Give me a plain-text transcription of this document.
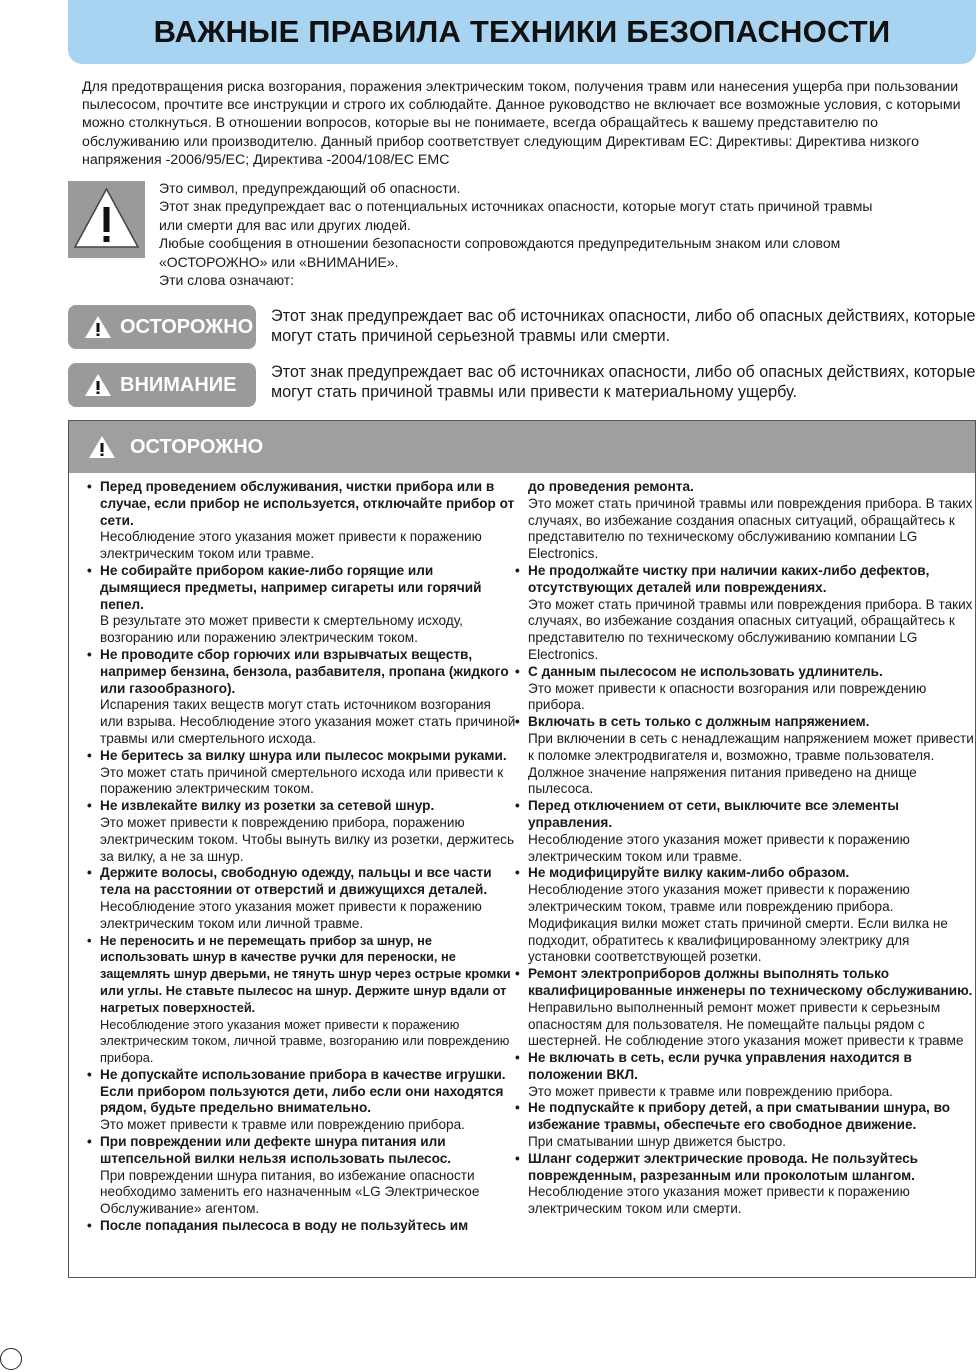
ВАЖНЫЕ ПРАВИЛА ТЕХНИКИ БЕЗОПАСНОСТИ

Для предотвращения риска возгорания, поражения электрическим током, получения травм или нанесения ущерба при пользовании пылесосом, прочтите все инструкции и строго их соблюдайте. Данное руководство не включает все возможные условия, с которыми можно столкнуться. В отношении вопросов, которые вы не понимаете, всегда обращайтесь к вашему представителю по обслуживанию или производителю. Данный прибор соответствует следующим Директивам ЕС: Директивы: Директива низкого напряжения -2006/95/EC; Директива -2004/108/EC EMC

Это символ, предупреждающий об опасности.
Этот знак предупреждает вас о потенциальных источниках опасности, которые могут стать причиной травмы
или смерти для вас или других людей.
Любые сообщения в отношении безопасности сопровождаются предупредительным знаком или словом
«ОСТОРОЖНО» или «ВНИМАНИЕ».
Эти слова означают:
ОСТОРОЖНО Этот знак предупреждает вас об источниках опасности, либо об опасных действиях, которые могут стать причиной серьезной травмы или смерти.
ВНИМАНИЕ
Этот знак предупреждает вас об источниках опасности, либо об опасных действиях, которые могут стать причиной травмы или привести к материальному ущербу.
ОСТОРОЖНО
• Перед проведением обслуживания, чистки прибора или в случае, если прибор не используется, отключайте прибор от сети.
Несоблюдение этого указания может привести к поражению электрическим током или травме.
• Не собирайте прибором какие-либо горящие или дымящиеся предметы, например сигареты или горячий пепел.
В результате это может привести к смертельному исходу, возгоранию или поражению электрическим током.
• Не проводите сбор горючих или взрывчатых веществ, например бензина, бензола, разбавителя, пропана (жидкого или газообразного).
Испарения таких веществ могут стать источником возгорания или взрыва. Несоблюдение этого указания может стать причиной травмы или смертельного исхода.
• Не беритесь за вилку шнура или пылесос мокрыми руками.
Это может стать причиной смертельного исхода или привести к поражению электрическим током.
• Не извлекайте вилку из розетки за сетевой шнур.
Это может привести к повреждению прибора, поражению электрическим током. Чтобы вынуть вилку из розетки, держитесь за вилку, а не за шнур.
• Держите волосы, свободную одежду, пальцы и все части тела на расстоянии от отверстий и движущихся деталей.
Несоблюдение этого указания может привести к поражению электрическим током или личной травме.
• Не переносить и не перемещать прибор за шнур, не использовать шнур в качестве ручки для переноски, не защемлять шнур дверьми, не тянуть шнур через острые кромки или углы. Не ставьте пылесос на шнур. Держите шнур вдали от нагретых поверхностей.
Несоблюдение этого указания может привести к поражению электрическим током, личной травме, возгоранию или повреждению прибора.
• Не допускайте использование прибора в качестве игрушки. Если прибором пользуются дети, либо если они находятся рядом, будьте предельно внимательно.
Это может привести к травме или повреждению прибора.
• При повреждении или дефекте шнура питания или штепсельной вилки нельзя использовать пылесос.
При повреждении шнура питания, во избежание опасности необходимо заменить его назначенным «LG Электрическое Обслуживание» агентом.
• После попадания пылесоса в воду не пользуйтесь им
до проведения ремонта.
Это может стать причиной травмы или повреждения прибора. В таких случаях, во избежание создания опасных ситуаций, обращайтесь к представителю по техническому обслуживанию компании LG Electronics.
• Не продолжайте чистку при наличии каких-либо дефектов, отсутствующих деталей или повреждениях.
Это может стать причиной травмы или повреждения прибора. В таких случаях, во избежание создания опасных ситуаций, обращайтесь к представителю по техническому обслуживанию компании LG Electronics.
• С данным пылесосом не использовать удлинитель.
Это может привести к опасности возгорания или повреждению прибора.
• Включать в сеть только с должным напряжением.
При включении в сеть с ненадлежащим напряжением может привести к поломке электродвигателя и, возможно, травме пользователя. Должное значение напряжения питания приведено на днище пылесоса.
• Перед отключением от сети, выключите все элементы управления.
Несоблюдение этого указания может привести к поражению электрическим током или травме.
• Не модифицируйте вилку каким-либо образом.
Несоблюдение этого указания может привести к поражению электрическим током, травме или повреждению прибора. Модификация вилки может стать причиной смерти. Если вилка не подходит, обратитесь к квалифицированному электрику для установки соответствующей розетки.
• Ремонт электроприборов должны выполнять только квалифицированные инженеры по техническому обслуживанию.
Неправильно выполненный ремонт может привести к серьезным опасностям для пользователя. Не помещайте пальцы рядом с шестерней. Не соблюдение этого указания может привести к травме
• Не включать в сеть, если ручка управления находится в положении ВКЛ.
Это может привести к травме или повреждению прибора.
• Не подпускайте к прибору детей, а при сматывании шнура, во избежание травмы, обеспечьте его свободное движение.
При сматывании шнур движется быстро.
• Шланг содержит электрические провода. Не пользуйтесь поврежденным, разрезанным или проколотым шлангом.
Несоблюдение этого указания может привести к поражению электрическим током или смерти.
